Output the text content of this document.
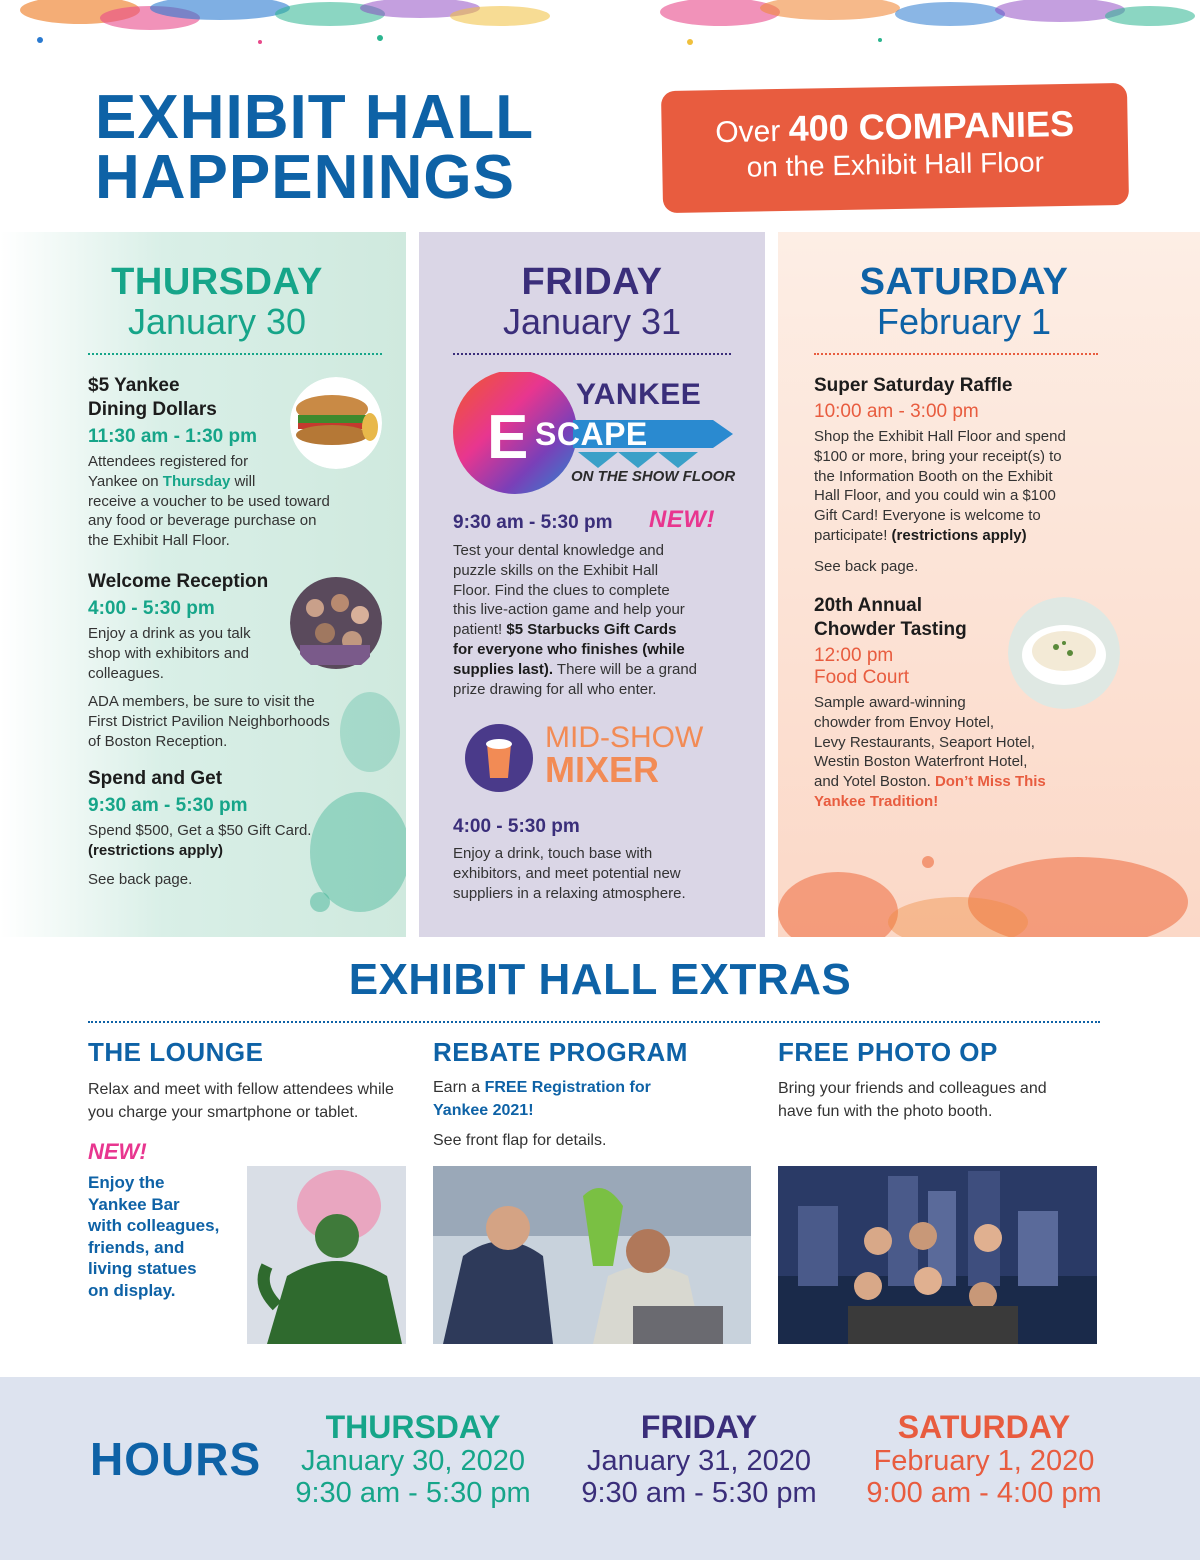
EXHIBIT HALL
HAPPENINGS
Over 400 COMPANIES
on the Exhibit Hall Floor
THURSDAY
January 30
$5 Yankee
Dining Dollars
11:30 am - 1:30 pm
Attendees registered for
Yankee on Thursday will
receive a voucher to be used toward
any food or beverage purchase on
the Exhibit Hall Floor.
Welcome Reception
4:00 - 5:30 pm
Enjoy a drink as you talk
shop with exhibitors and
colleagues.
ADA members, be sure to visit the
First District Pavilion Neighborhoods
of Boston Reception.
Spend and Get
9:30 am - 5:30 pm
Spend $500, Get a $50 Gift Card.
(restrictions apply)
See back page.
FRIDAY
January 31
YANKEE
E SCAPE
ON THE SHOW FLOOR
9:30 am - 5:30 pm NEW!
Test your dental knowledge and
puzzle skills on the Exhibit Hall
Floor. Find the clues to complete
this live-action game and help your
patient! $5 Starbucks Gift Cards
for everyone who finishes (while
supplies last). There will be a grand
prize drawing for all who enter.
MID-SHOW
MIXER
4:00 - 5:30 pm
Enjoy a drink, touch base with
exhibitors, and meet potential new
suppliers in a relaxing atmosphere.
SATURDAY
February 1
Super Saturday Raffle
10:00 am - 3:00 pm
Shop the Exhibit Hall Floor and spend
$100 or more, bring your receipt(s) to
the Information Booth on the Exhibit
Hall Floor, and you could win a $100
Gift Card! Everyone is welcome to
participate! (restrictions apply)
See back page.
20th Annual
Chowder Tasting
12:00 pm
Food Court
Sample award-winning
chowder from Envoy Hotel,
Levy Restaurants, Seaport Hotel,
Westin Boston Waterfront Hotel,
and Yotel Boston. Don’t Miss This
Yankee Tradition!
EXHIBIT HALL EXTRAS
THE LOUNGE
Relax and meet with fellow attendees while
you charge your smartphone or tablet.
NEW!
Enjoy the
Yankee Bar
with colleagues,
friends, and
living statues
on display.
REBATE PROGRAM
Earn a FREE Registration for
Yankee 2021!
See front flap for details.
FREE PHOTO OP
Bring your friends and colleagues and
have fun with the photo booth.
HOURS
THURSDAY
January 30, 2020
9:30 am - 5:30 pm
FRIDAY
January 31, 2020
9:30 am - 5:30 pm
SATURDAY
February 1, 2020
9:00 am - 4:00 pm
